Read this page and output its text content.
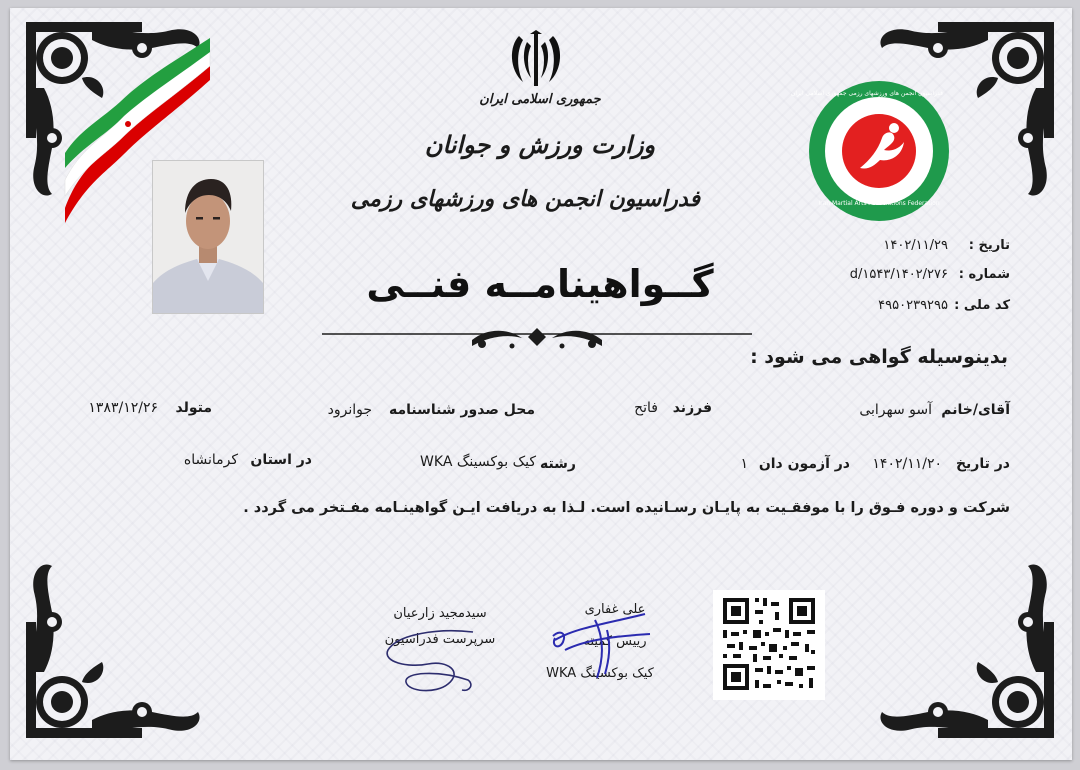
جمهوری اسلامی ایران
وزارت ورزش و جوانان
فدراسیون انجمن های ورزشهای رزمی
فدراسیون انجمن های ورزشهای رزمی جمهوری اسلامی ایران
Iran Martial Arts Associations Federation
تاریخ :
۱۴۰۲/۱۱/۲۹
شماره :
۱۴۰۲/۲۷۶/d/۱۵۴۳
کد ملی :
۴۹۵۰۲۳۹۲۹۵
گــواهینامــه فنــی
بدینوسیله گواهی می شود :
آقای/خانم
آسو سهرابی
فرزند
فاتح
محل صدور شناسنامه
جوانرود
متولد
۱۳۸۳/۱۲/۲۶
در تاریخ
۱۴۰۲/۱۱/۲۰
در آزمون دان
۱
رشته
کیک بوکسینگ WKA
در استان
کرمانشاه
شرکت و دوره فـوق را با موفقـیت به پایـان رسـانیده است. لـذا به دریافت ایـن گواهینـامه مفـتخر می گردد .
سیدمجید زارعیان
سرپرست فدراسیون
علی غفاری
رییس کمیته
کیک بوکسینگ WKA
